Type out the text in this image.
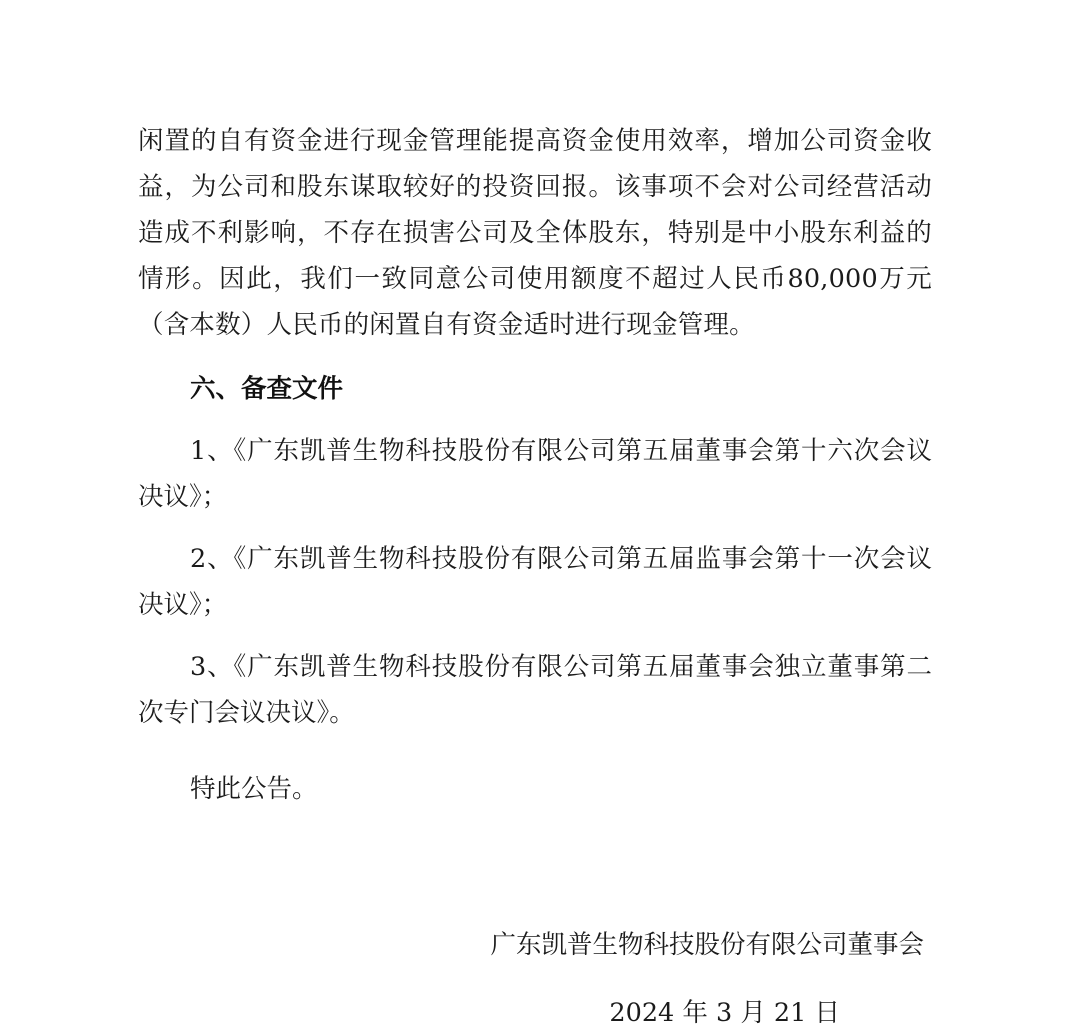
闲置的自有资金进行现金管理能提高资金使用效率，增加公司资金收益，为公司和股东谋取较好的投资回报。该事项不会对公司经营活动造成不利影响，不存在损害公司及全体股东，特别是中小股东利益的情形。因此，我们一致同意公司使用额度不超过人民币80,000万元（含本数）人民币的闲置自有资金适时进行现金管理。

六、备查文件

1、《广东凯普生物科技股份有限公司第五届董事会第十六次会议决议》；

2、《广东凯普生物科技股份有限公司第五届监事会第十一次会议决议》；

3、《广东凯普生物科技股份有限公司第五届董事会独立董事第二次专门会议决议》。

特此公告。

广东凯普生物科技股份有限公司董事会
2024 年 3 月 21 日
